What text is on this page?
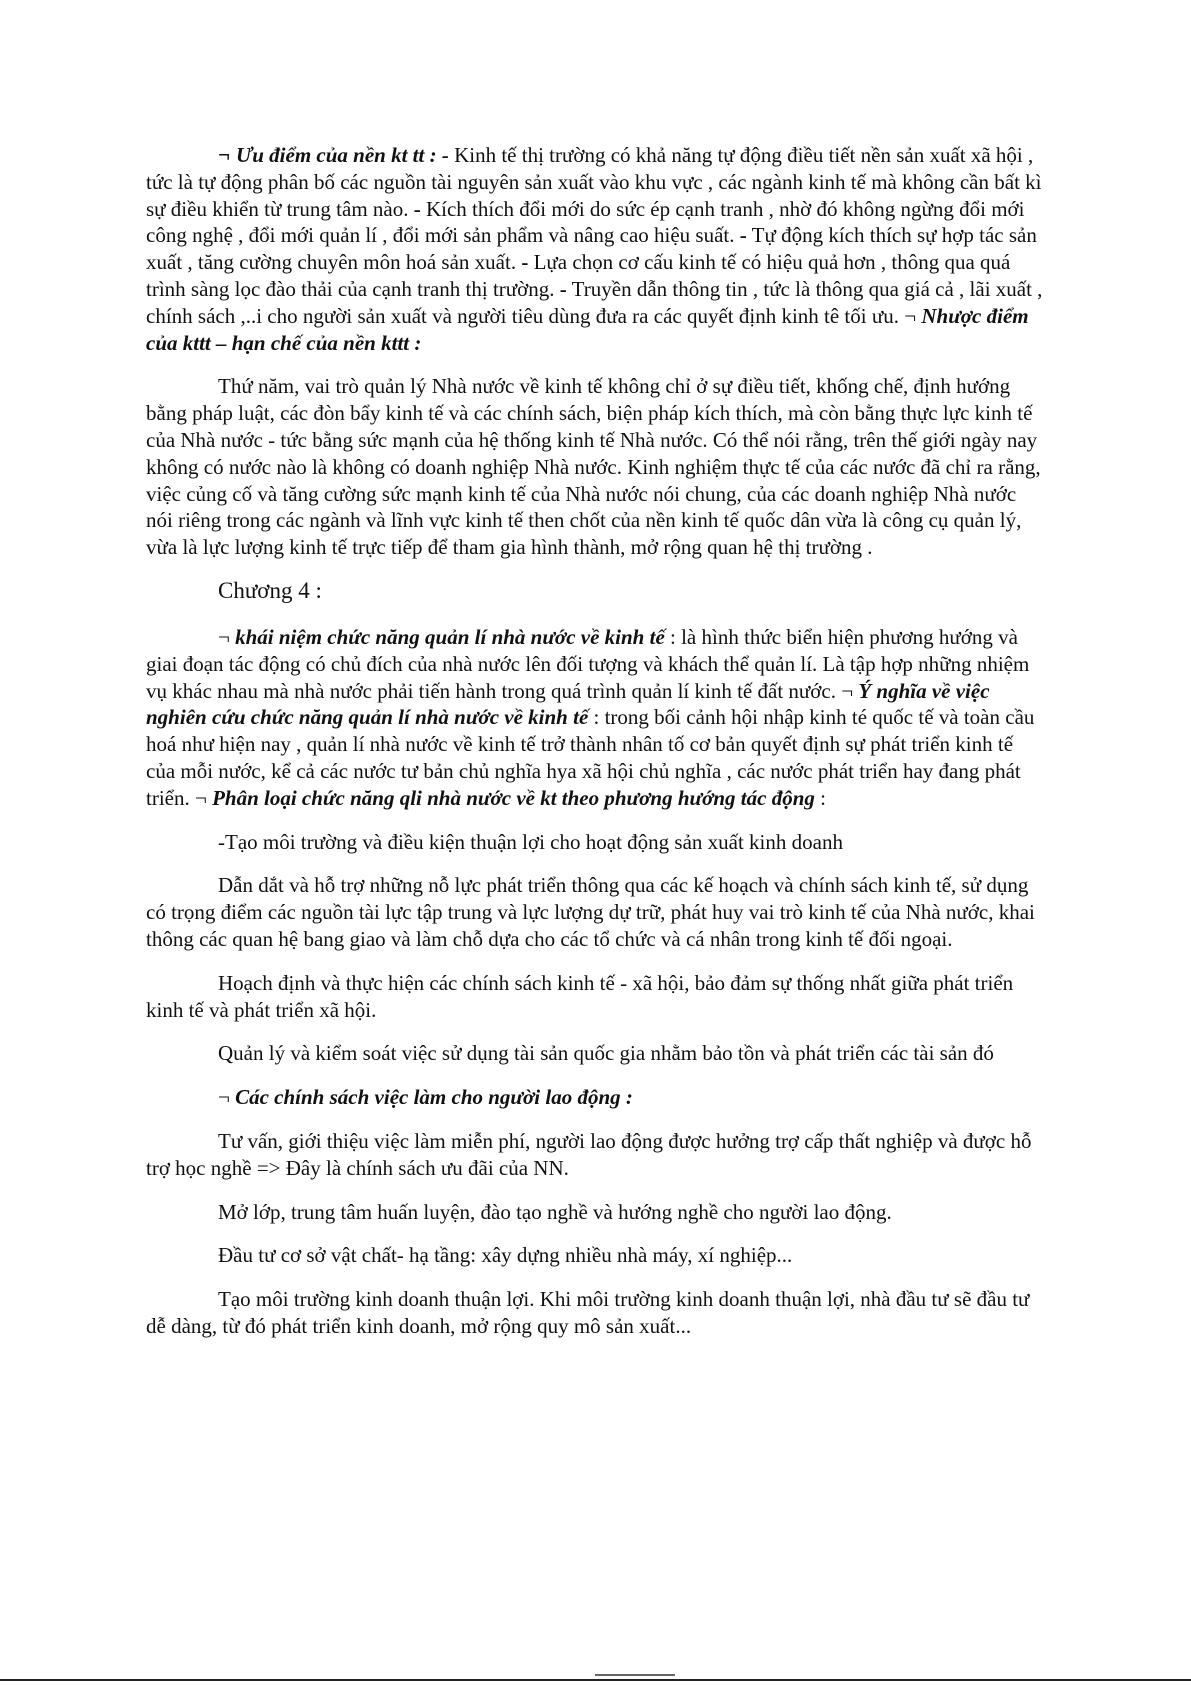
¬ Ưu điểm của nền kt tt : - Kinh tế thị trường có khả năng tự động điều tiết nền sản xuất xã hội , tức là tự động phân bố các nguồn tài nguyên sản xuất vào khu vực , các ngành kinh tế mà không cần bất kì sự điều khiển từ trung tâm nào. - Kích thích đổi mới do sức ép cạnh tranh , nhờ đó không ngừng đổi mới công nghệ , đổi mới quản lí , đổi mới sản phẩm và nâng cao hiệu suất. - Tự động kích thích sự hợp tác sản xuất , tăng cường chuyên môn hoá sản xuất. - Lựa chọn cơ cấu kinh tế có hiệu quả hơn , thông qua quá trình sàng lọc đào thải của cạnh tranh thị trường. - Truyền dẫn thông tin , tức là thông qua giá cả , lãi xuất , chính sách ,..i cho người sản xuất và người tiêu dùng đưa ra các quyết định kinh tê tối ưu. ¬ Nhược điểm của kttt – hạn chế của nền kttt :

Thứ năm, vai trò quản lý Nhà nước về kinh tế không chỉ ở sự điều tiết, khống chế, định hướng bằng pháp luật, các đòn bẩy kinh tế và các chính sách, biện pháp kích thích, mà còn bằng thực lực kinh tế của Nhà nước - tức bằng sức mạnh của hệ thống kinh tế Nhà nước. Có thể nói rằng, trên thế giới ngày nay không có nước nào là không có doanh nghiệp Nhà nước. Kinh nghiệm thực tế của các nước đã chỉ ra rằng, việc củng cố và tăng cường sức mạnh kinh tế của Nhà nước nói chung, của các doanh nghiệp Nhà nước nói riêng trong các ngành và lĩnh vực kinh tế then chốt của nền kinh tế quốc dân vừa là công cụ quản lý, vừa là lực lượng kinh tế trực tiếp để tham gia hình thành, mở rộng quan hệ thị trường .

Chương 4 :

¬ khái niệm chức năng quản lí nhà nước về kinh tế : là hình thức biển hiện phương hướng và giai đoạn tác động có chủ đích của nhà nước lên đối tượng và khách thể quản lí. Là tập hợp những nhiệm vụ khác nhau mà nhà nước phải tiến hành trong quá trình quản lí kinh tế đất nước. ¬ Ý nghĩa về việc nghiên cứu chức năng quản lí nhà nước về kinh tế : trong bối cảnh hội nhập kinh té quốc tế và toàn cầu hoá như hiện nay , quản lí nhà nước về kinh tế trở thành nhân tố cơ bản quyết định sự phát triển kinh tế của mỗi nước, kể cả các nước tư bản chủ nghĩa hya xã hội chủ nghĩa , các nước phát triển hay đang phát triển. ¬ Phân loại chức năng qli nhà nước về kt theo phương hướng tác động :

-Tạo môi trường và điều kiện thuận lợi cho hoạt động sản xuất kinh doanh

Dẫn dắt và hỗ trợ những nỗ lực phát triển thông qua các kế hoạch và chính sách kinh tế, sử dụng có trọng điểm các nguồn tài lực tập trung và lực lượng dự trữ, phát huy vai trò kinh tế của Nhà nước, khai thông các quan hệ bang giao và làm chỗ dựa cho các tổ chức và cá nhân trong kinh tế đối ngoại.

Hoạch định và thực hiện các chính sách kinh tế - xã hội, bảo đảm sự thống nhất giữa phát triển kinh tế và phát triển xã hội.

Quản lý và kiểm soát việc sử dụng tài sản quốc gia nhằm bảo tồn và phát triển các tài sản đó

¬ Các chính sách việc làm cho người lao động :

Tư vấn, giới thiệu việc làm miễn phí, người lao động được hưởng trợ cấp thất nghiệp và được hỗ trợ học nghề => Đây là chính sách ưu đãi của NN.

Mở lớp, trung tâm huấn luyện, đào tạo nghề và hướng nghề cho người lao động.

Đầu tư cơ sở vật chất- hạ tầng: xây dựng nhiều nhà máy, xí nghiệp...

Tạo môi trường kinh doanh thuận lợi. Khi môi trường kinh doanh thuận lợi, nhà đầu tư sẽ đầu tư dễ dàng, từ đó phát triển kinh doanh, mở rộng quy mô sản xuất...
